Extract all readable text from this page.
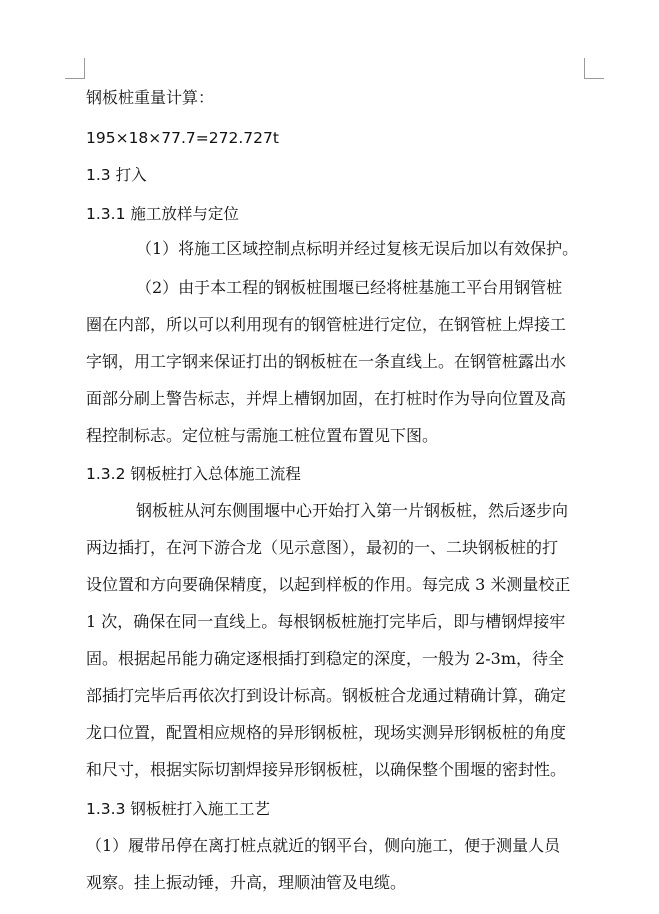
钢板桩重量计算：
195×18×77.7=272.727t
1.3 打入
1.3.1 施工放样与定位
（1）将施工区域控制点标明并经过复核无误后加以有效保护。
（2）由于本工程的钢板桩围堰已经将桩基施工平台用钢管桩
圈在内部，所以可以利用现有的钢管桩进行定位，在钢管桩上焊接工
字钢，用工字钢来保证打出的钢板桩在一条直线上。在钢管桩露出水
面部分刷上警告标志，并焊上槽钢加固，在打桩时作为导向位置及高
程控制标志。定位桩与需施工桩位置布置见下图。
1.3.2 钢板桩打入总体施工流程
钢板桩从河东侧围堰中心开始打入第一片钢板桩，然后逐步向
两边插打，在河下游合龙（见示意图），最初的一、二块钢板桩的打
设位置和方向要确保精度，以起到样板的作用。每完成 3 米测量校正
1 次，确保在同一直线上。每根钢板桩施打完毕后，即与槽钢焊接牢
固。根据起吊能力确定逐根插打到稳定的深度，一般为 2-3m，待全
部插打完毕后再依次打到设计标高。钢板桩合龙通过精确计算，确定
龙口位置，配置相应规格的异形钢板桩，现场实测异形钢板桩的角度
和尺寸，根据实际切割焊接异形钢板桩，以确保整个围堰的密封性。
1.3.3 钢板桩打入施工工艺
（1）履带吊停在离打桩点就近的钢平台，侧向施工，便于测量人员
观察。挂上振动锤，升高，理顺油管及电缆。
